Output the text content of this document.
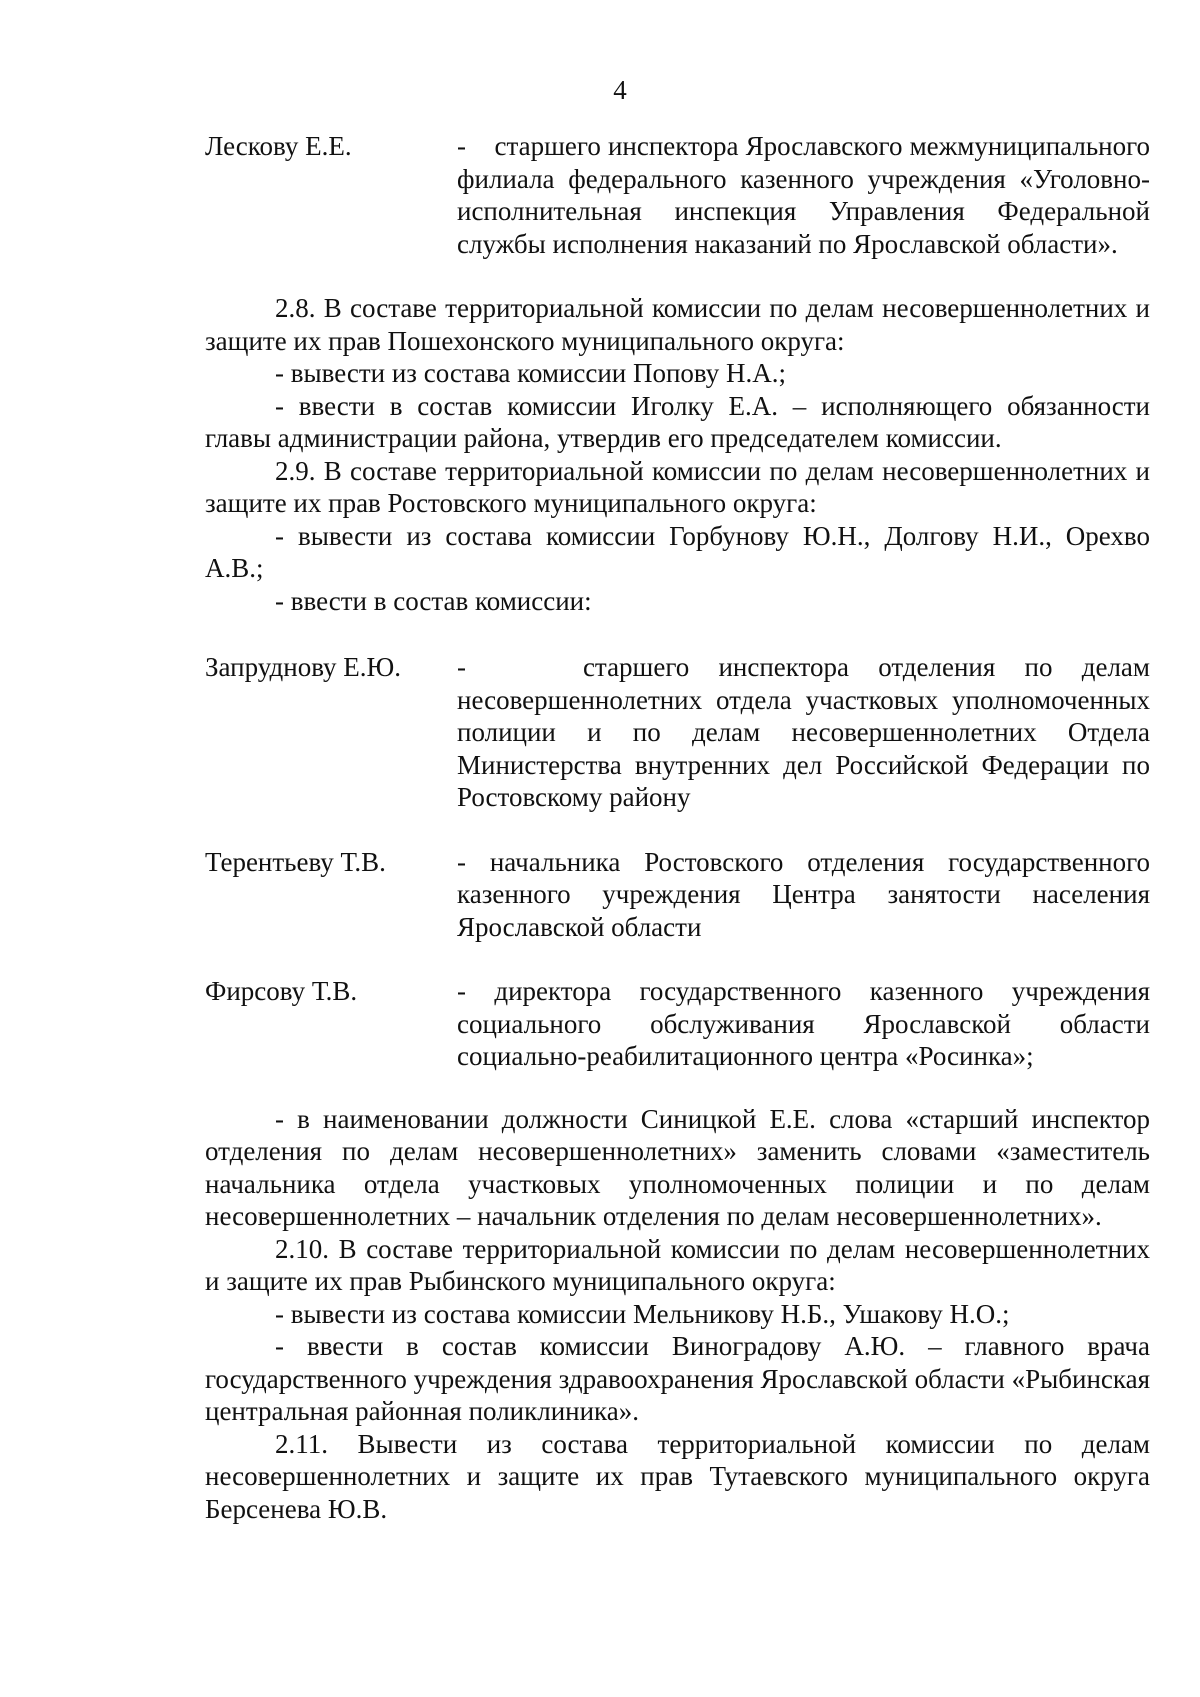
4
Лескову Е.Е.	-    старшего инспектора Ярославского межмуниципального филиала федерального казенного учреждения «Уголовно-исполнительная инспекция Управления Федеральной службы исполнения наказаний по Ярославской области».

2.8. В составе территориальной комиссии по делам несовершеннолетних и защите их прав Пошехонского муниципального округа:

- вывести из состава комиссии Попову Н.А.;

- ввести в состав комиссии Иголку Е.А. – исполняющего обязанности главы администрации района, утвердив его председателем комиссии.

2.9. В составе территориальной комиссии по делам несовершеннолетних и защите их прав Ростовского муниципального округа:

- вывести из состава комиссии Горбунову Ю.Н., Долгову Н.И., Орехво А.В.;

- ввести в состав комиссии:

Запруднову Е.Ю.	-    старшего инспектора отделения по делам несовершеннолетних отдела участковых уполномоченных полиции и по делам несовершеннолетних Отдела Министерства внутренних дел Российской Федерации по Ростовскому району
Терентьеву Т.В.	- начальника Ростовского отделения государственного казенного учреждения Центра занятости населения Ярославской области
Фирсову Т.В.	- директора государственного казенного учреждения социального обслуживания Ярославской области социально-реабилитационного центра «Росинка»;

- в наименовании должности Синицкой Е.Е. слова «старший инспектор отделения по делам несовершеннолетних» заменить словами «заместитель начальника отдела участковых уполномоченных полиции и по делам несовершеннолетних – начальник отделения по делам несовершеннолетних».

2.10. В составе территориальной комиссии по делам несовершеннолетних и защите их прав Рыбинского муниципального округа:

- вывести из состава комиссии Мельникову Н.Б., Ушакову Н.О.;

- ввести в состав комиссии Виноградову А.Ю. – главного врача государственного учреждения здравоохранения Ярославской области «Рыбинская центральная районная поликлиника».

2.11. Вывести из состава территориальной комиссии по делам несовершеннолетних и защите их прав Тутаевского муниципального округа Берсенева Ю.В.
